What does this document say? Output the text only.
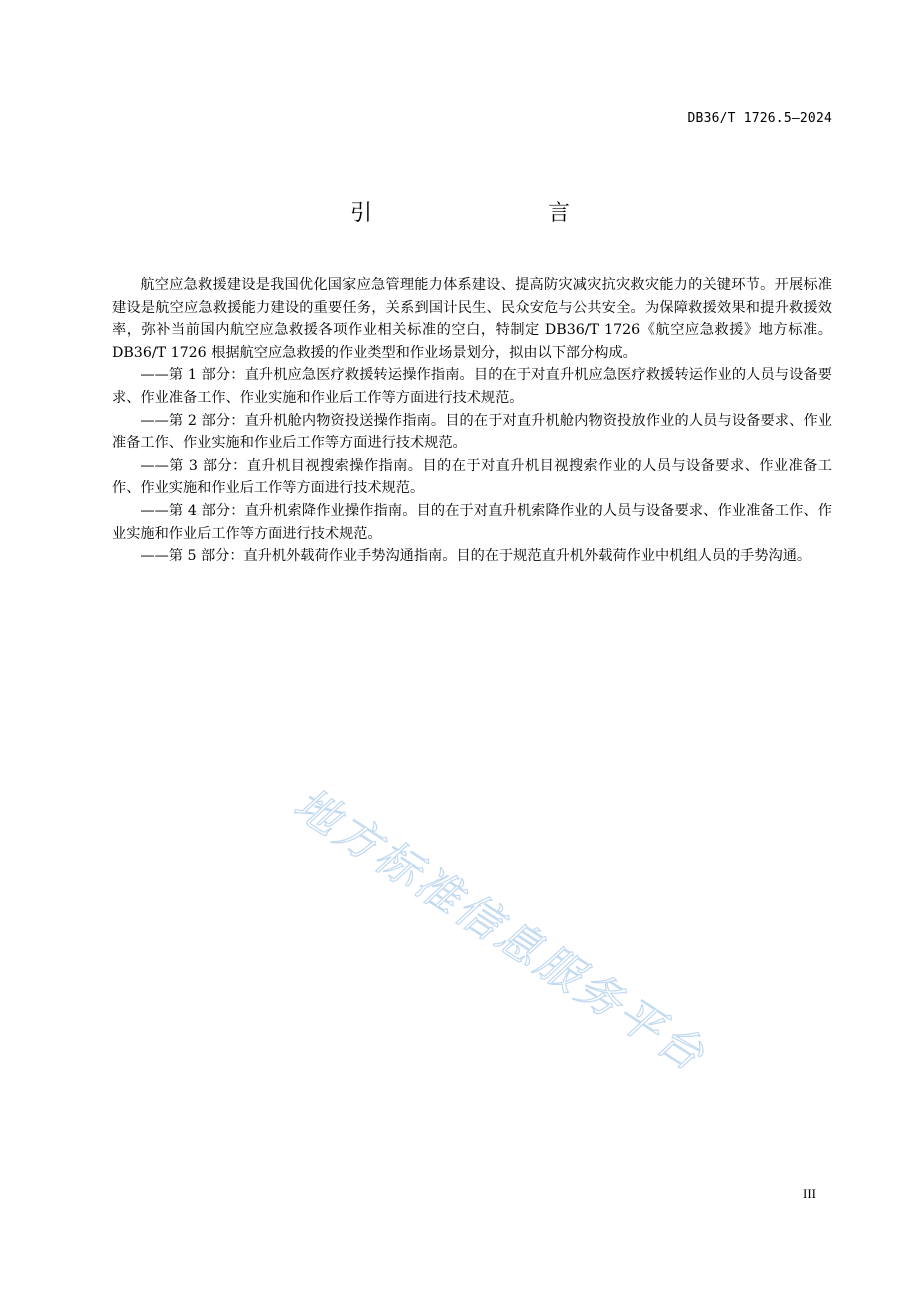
DB36/T 1726.5—2024
引　　言

航空应急救援建设是我国优化国家应急管理能力体系建设、提高防灾减灾抗灾救灾能力的关键环节。开展标准建设是航空应急救援能力建设的重要任务，关系到国计民生、民众安危与公共安全。为保障救援效果和提升救援效率，弥补当前国内航空应急救援各项作业相关标准的空白，特制定 DB36/T 1726《航空应急救援》地方标准。DB36/T 1726 根据航空应急救援的作业类型和作业场景划分，拟由以下部分构成。

——第 1 部分：直升机应急医疗救援转运操作指南。目的在于对直升机应急医疗救援转运作业的人员与设备要求、作业准备工作、作业实施和作业后工作等方面进行技术规范。

——第 2 部分：直升机舱内物资投送操作指南。目的在于对直升机舱内物资投放作业的人员与设备要求、作业准备工作、作业实施和作业后工作等方面进行技术规范。

——第 3 部分：直升机目视搜索操作指南。目的在于对直升机目视搜索作业的人员与设备要求、作业准备工作、作业实施和作业后工作等方面进行技术规范。

——第 4 部分：直升机索降作业操作指南。目的在于对直升机索降作业的人员与设备要求、作业准备工作、作业实施和作业后工作等方面进行技术规范。

——第 5 部分：直升机外载荷作业手势沟通指南。目的在于规范直升机外载荷作业中机组人员的手势沟通。

地方标准信息服务平台
III
